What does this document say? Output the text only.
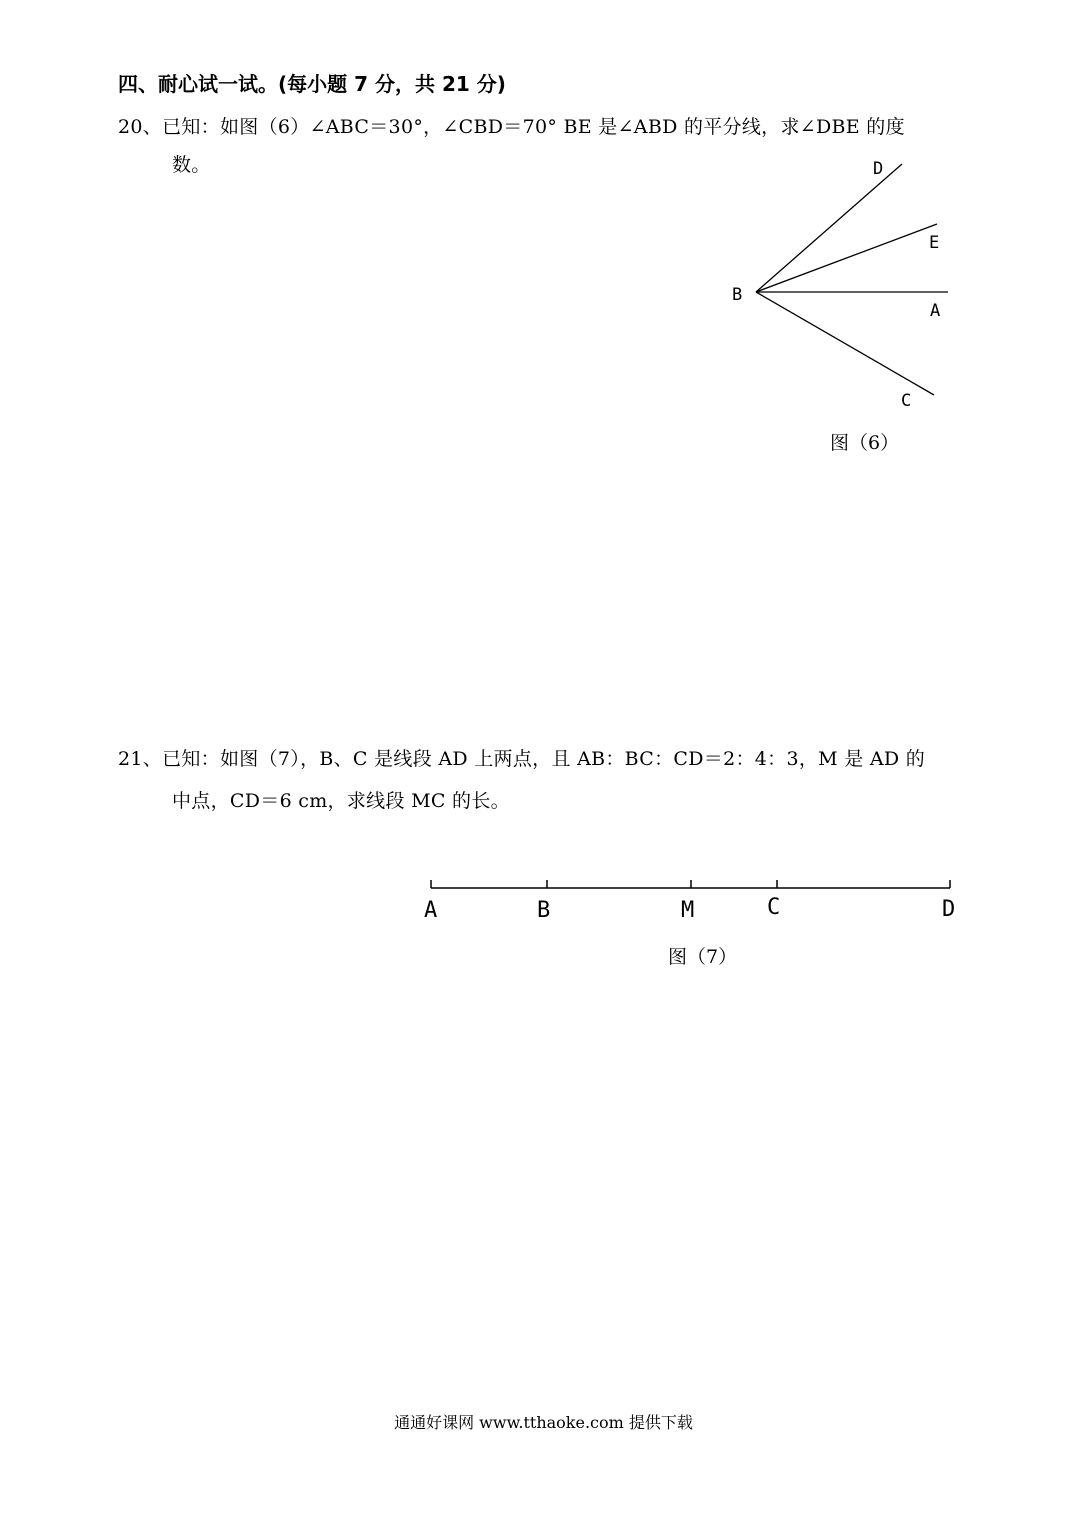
四、耐心试一试。(每小题 7 分，共 21 分)
20、已知：如图（6）∠ABC＝30°，∠CBD＝70° BE 是∠ABD 的平分线，求∠DBE 的度
数。	D
E
B
A
C
图（6）
21、已知：如图（7），B、C 是线段 AD 上两点，且 AB：BC：CD＝2：4：3，M 是 AD 的
中点，CD＝6 cm，求线段 MC 的长。
A	B	M	C	D
图（7）
通通好课网 www.tthaoke.com 提供下载
